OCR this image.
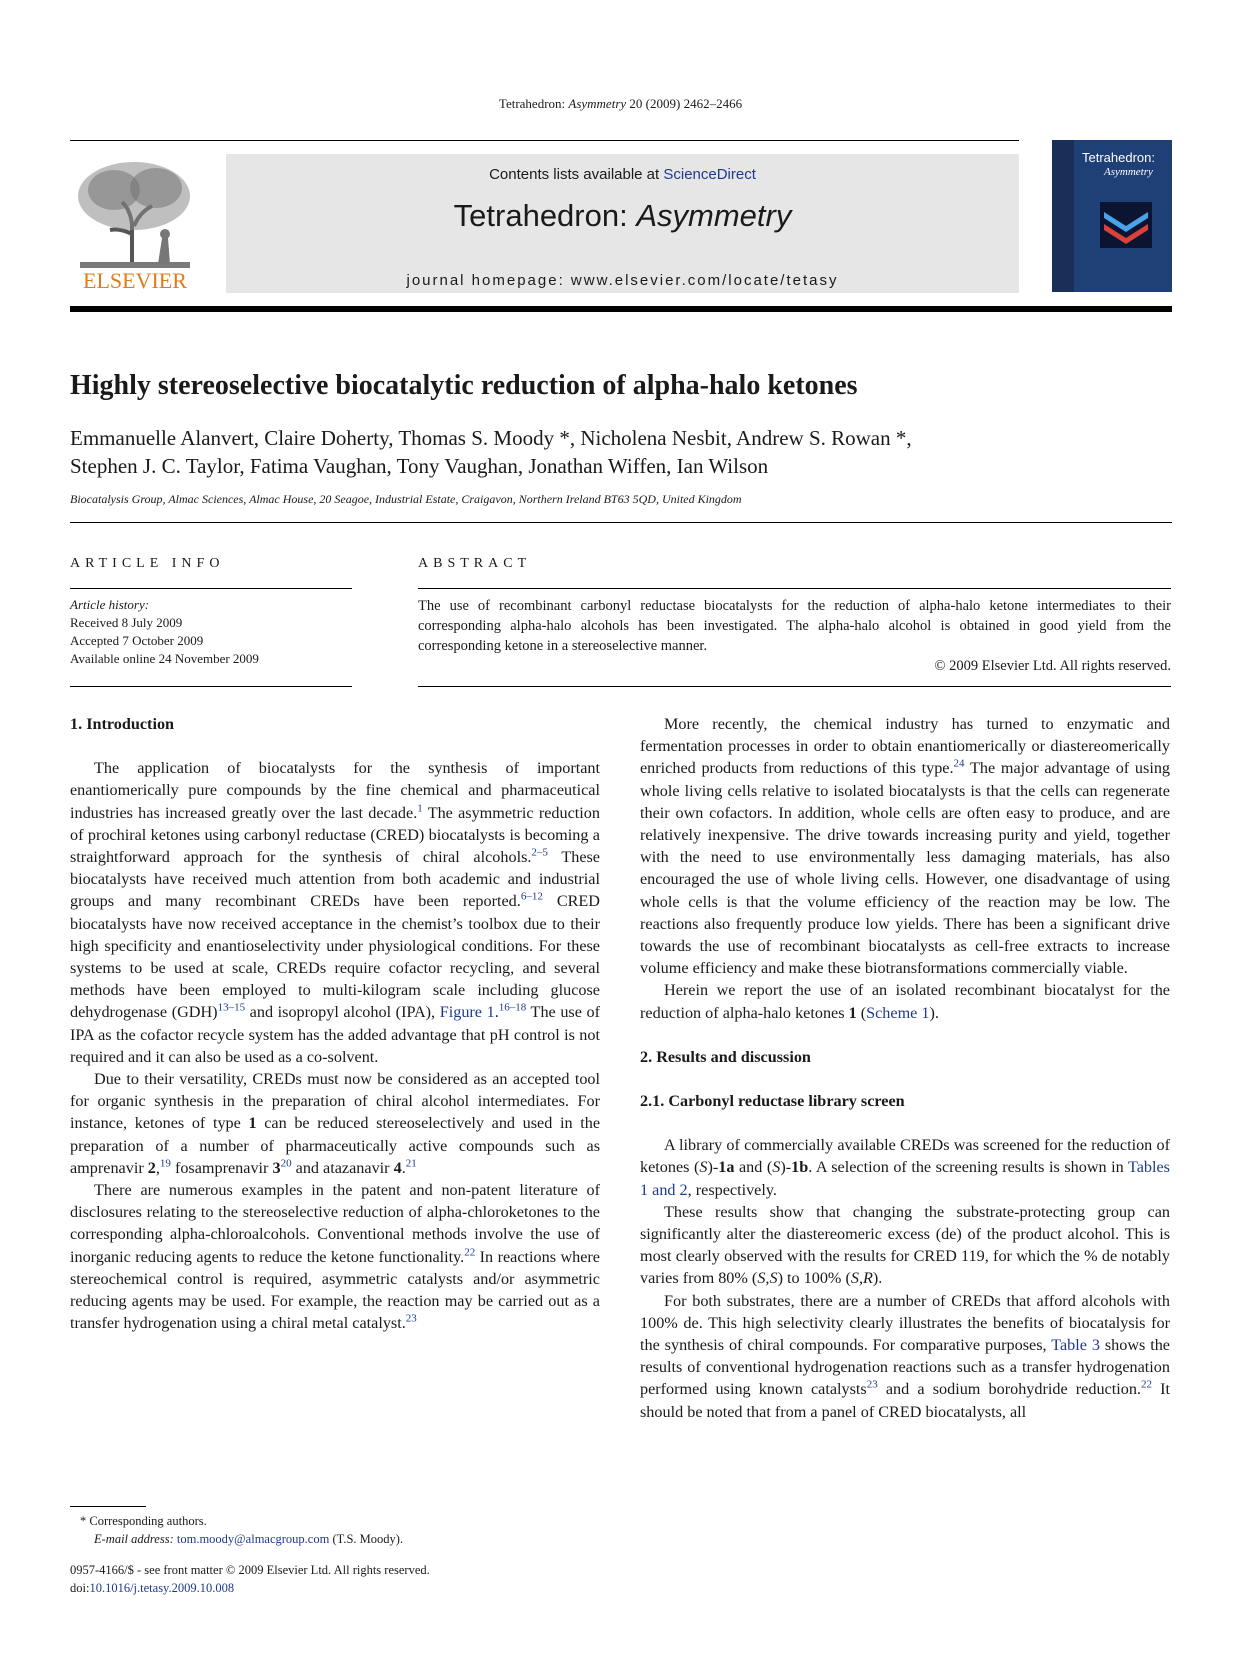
Tetrahedron: Asymmetry 20 (2009) 2462–2466
ELSEVIER
Contents lists available at ScienceDirect
Tetrahedron: Asymmetry
journal homepage: www.elsevier.com/locate/tetasy
Tetrahedron:
Asymmetry
Highly stereoselective biocatalytic reduction of alpha-halo ketones
Emmanuelle Alanvert, Claire Doherty, Thomas S. Moody *, Nicholena Nesbit, Andrew S. Rowan *,
Stephen J. C. Taylor, Fatima Vaughan, Tony Vaughan, Jonathan Wiffen, Ian Wilson
Biocatalysis Group, Almac Sciences, Almac House, 20 Seagoe, Industrial Estate, Craigavon, Northern Ireland BT63 5QD, United Kingdom
ARTICLE INFO
Article history:
Received 8 July 2009
Accepted 7 October 2009
Available online 24 November 2009
ABSTRACT
The use of recombinant carbonyl reductase biocatalysts for the reduction of alpha-halo ketone intermediates to their corresponding alpha-halo alcohols has been investigated. The alpha-halo alcohol is obtained in good yield from the corresponding ketone in a stereoselective manner.
© 2009 Elsevier Ltd. All rights reserved.
1. Introduction

The application of biocatalysts for the synthesis of important enantiomerically pure compounds by the fine chemical and pharmaceutical industries has increased greatly over the last decade.$^1$ The asymmetric reduction of prochiral ketones using carbonyl reductase (CRED) biocatalysts is becoming a straightforward approach for the synthesis of chiral alcohols.$^{2-5}$ These biocatalysts have received much attention from both academic and industrial groups and many recombinant CREDs have been reported.$^{6-12}$ CRED biocatalysts have now received acceptance in the chemist’s toolbox due to their high specificity and enantioselectivity under physiological conditions. For these systems to be used at scale, CREDs require cofactor recycling, and several methods have been employed to multi-kilogram scale including glucose dehydrogenase (GDH)$^{13-15}$ and isopropyl alcohol (IPA), Figure 1.$^{16-18}$ The use of IPA as the cofactor recycle system has the added advantage that pH control is not required and it can also be used as a co-solvent.

Due to their versatility, CREDs must now be considered as an accepted tool for organic synthesis in the preparation of chiral alcohol intermediates. For instance, ketones of type 1 can be reduced stereoselectively and used in the preparation of a number of pharmaceutically active compounds such as amprenavir 2,19 fosamprenavir $3^{20}$ and atazanavir 4.21

There are numerous examples in the patent and non-patent literature of disclosures relating to the stereoselective reduction of alpha-chloroketones to the corresponding alpha-chloroalcohols. Conventional methods involve the use of inorganic reducing agents to reduce the ketone functionality.$^{22}$ In reactions where stereochemical control is required, asymmetric catalysts and/or asymmetric reducing agents may be used. For example, the reaction may be carried out as a transfer hydrogenation using a chiral metal catalyst.$^{23}$

More recently, the chemical industry has turned to enzymatic and fermentation processes in order to obtain enantiomerically or diastereomerically enriched products from reductions of this type.$^{24}$ The major advantage of using whole living cells relative to isolated biocatalysts is that the cells can regenerate their own cofactors. In addition, whole cells are often easy to produce, and are relatively inexpensive. The drive towards increasing purity and yield, together with the need to use environmentally less damaging materials, has also encouraged the use of whole living cells. However, one disadvantage of using whole cells is that the volume efficiency of the reaction may be low. The reactions also frequently produce low yields. There has been a significant drive towards the use of recombinant biocatalysts as cell-free extracts to increase volume efficiency and make these biotransformations commercially viable.

Herein we report the use of an isolated recombinant biocatalyst for the reduction of alpha-halo ketones 1 (Scheme 1).

2. Results and discussion
2.1. Carbonyl reductase library screen

A library of commercially available CREDs was screened for the reduction of ketones (S)-1a and (S)-1b. A selection of the screening results is shown in Tables 1 and 2, respectively.

These results show that changing the substrate-protecting group can significantly alter the diastereomeric excess (de) of the product alcohol. This is most clearly observed with the results for CRED 119, for which the % de notably varies from 80% (S,S) to 100% (S,R).

For both substrates, there are a number of CREDs that afford alcohols with 100% de. This high selectivity clearly illustrates the benefits of biocatalysis for the synthesis of chiral compounds. For comparative purposes, Table 3 shows the results of conventional hydrogenation reactions such as a transfer hydrogenation performed using known catalysts$^{23}$ and a sodium borohydride reduction.$^{22}$ It should be noted that from a panel of CRED biocatalysts, all

* Corresponding authors.
E-mail address: tom.moody@almacgroup.com (T.S. Moody).
0957-4166/$ - see front matter © 2009 Elsevier Ltd. All rights reserved.
doi:10.1016/j.tetasy.2009.10.008
